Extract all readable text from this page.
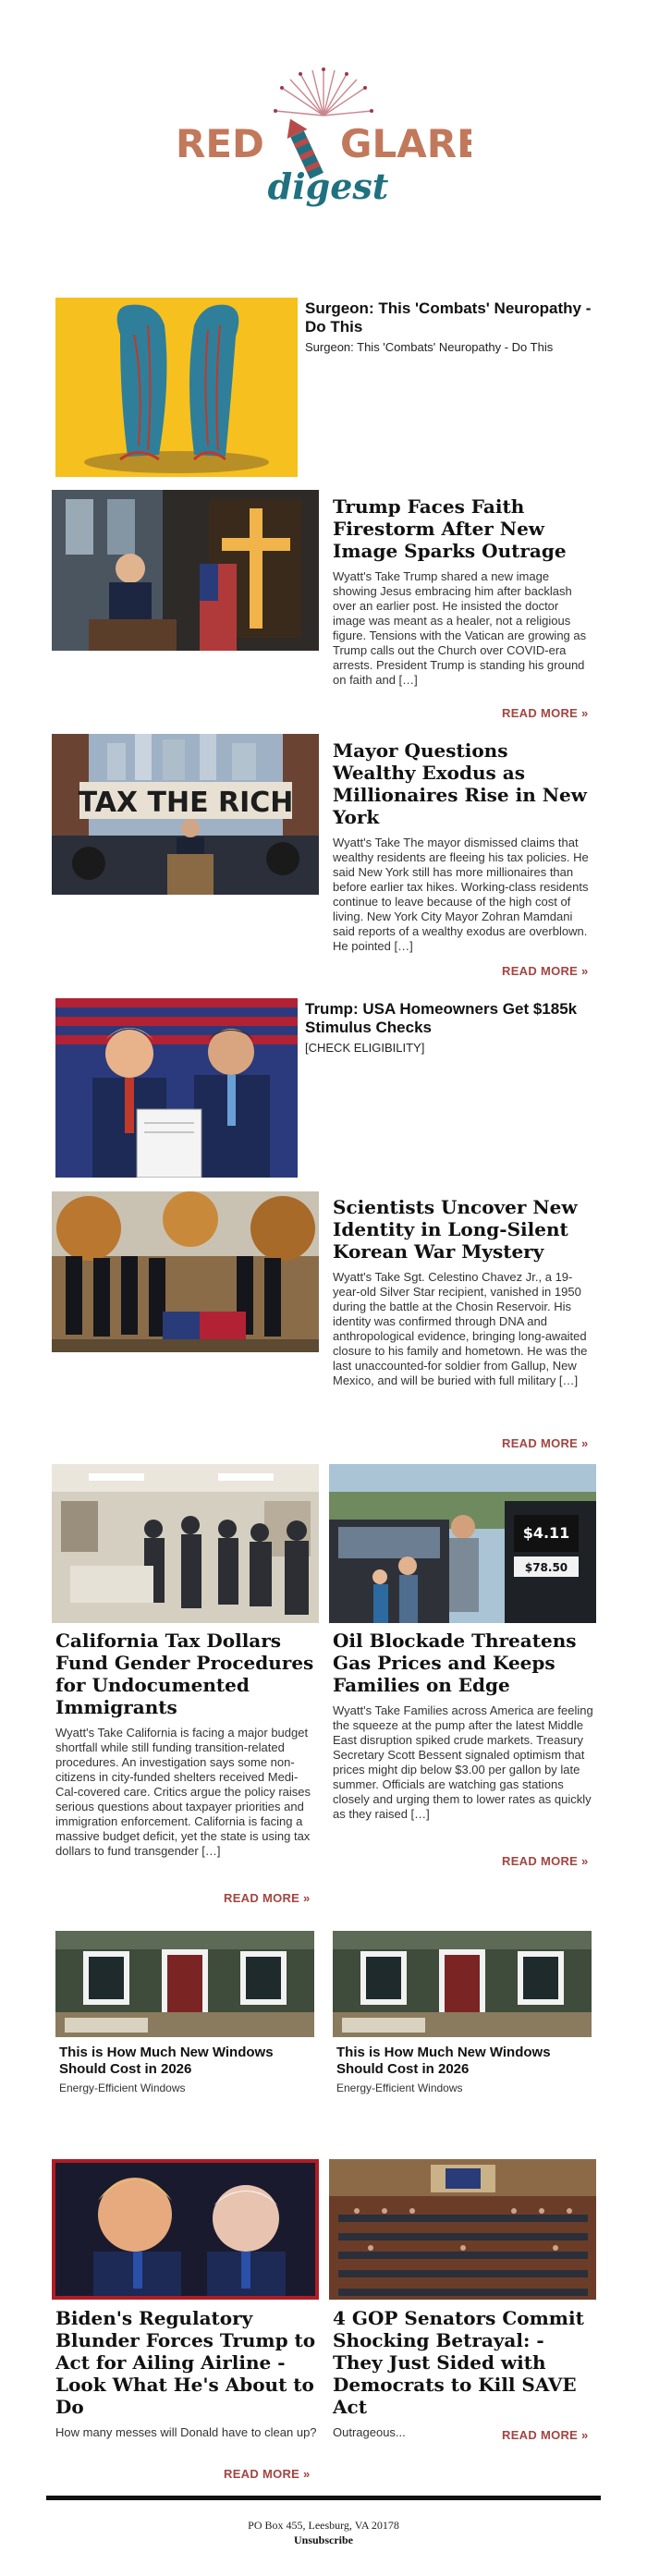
RED GLARE
digest
Surgeon: This 'Combats' Neuropathy - Do This
Surgeon: This 'Combats' Neuropathy - Do This
Trump Faces Faith Firestorm After New Image Sparks Outrage
Wyatt's Take Trump shared a new image showing Jesus embracing him after backlash over an earlier post. He insisted the doctor image was meant as a healer, not a religious figure. Tensions with the Vatican are growing as Trump calls out the Church over COVID-era arrests. President Trump is standing his ground on faith and […]
READ MORE »
TAX THE RICH
Mayor Questions Wealthy Exodus as Millionaires Rise in New York
Wyatt's Take The mayor dismissed claims that wealthy residents are fleeing his tax policies. He said New York still has more millionaires than before earlier tax hikes. Working-class residents continue to leave because of the high cost of living. New York City Mayor Zohran Mamdani said reports of a wealthy exodus are overblown. He pointed […]
READ MORE »
Trump: USA Homeowners Get $185k Stimulus Checks
[CHECK ELIGIBILITY]
Scientists Uncover New Identity in Long-Silent Korean War Mystery
Wyatt's Take Sgt. Celestino Chavez Jr., a 19-year-old Silver Star recipient, vanished in 1950 during the battle at the Chosin Reservoir. His identity was confirmed through DNA and anthropological evidence, bringing long-awaited closure to his family and hometown. He was the last unaccounted-for soldier from Gallup, New Mexico, and will be buried with full military […]
READ MORE »
$4.11
$78.50
California Tax Dollars Fund Gender Procedures for Undocumented Immigrants
Wyatt's Take California is facing a major budget shortfall while still funding transition-related procedures. An investigation says some non-citizens in city-funded shelters received Medi-Cal-covered care. Critics argue the policy raises serious questions about taxpayer priorities and immigration enforcement. California is facing a massive budget deficit, yet the state is using tax dollars to fund transgender […]
READ MORE »
Oil Blockade Threatens Gas Prices and Keeps Families on Edge
Wyatt's Take Families across America are feeling the squeeze at the pump after the latest Middle East disruption spiked crude markets. Treasury Secretary Scott Bessent signaled optimism that prices might dip below $3.00 per gallon by late summer. Officials are watching gas stations closely and urging them to lower rates as quickly as they raised […]
READ MORE »
This is How Much New Windows Should Cost in 2026
Energy-Efficient Windows
This is How Much New Windows Should Cost in 2026
Energy-Efficient Windows
Biden's Regulatory Blunder Forces Trump to Act for Ailing Airline - Look What He's About to Do
How many messes will Donald have to clean up?
READ MORE »
4 GOP Senators Commit Shocking Betrayal: - They Just Sided with Democrats to Kill SAVE Act
Outrageous...	READ MORE »
PO Box 455, Leesburg, VA 20178
Unsubscribe
